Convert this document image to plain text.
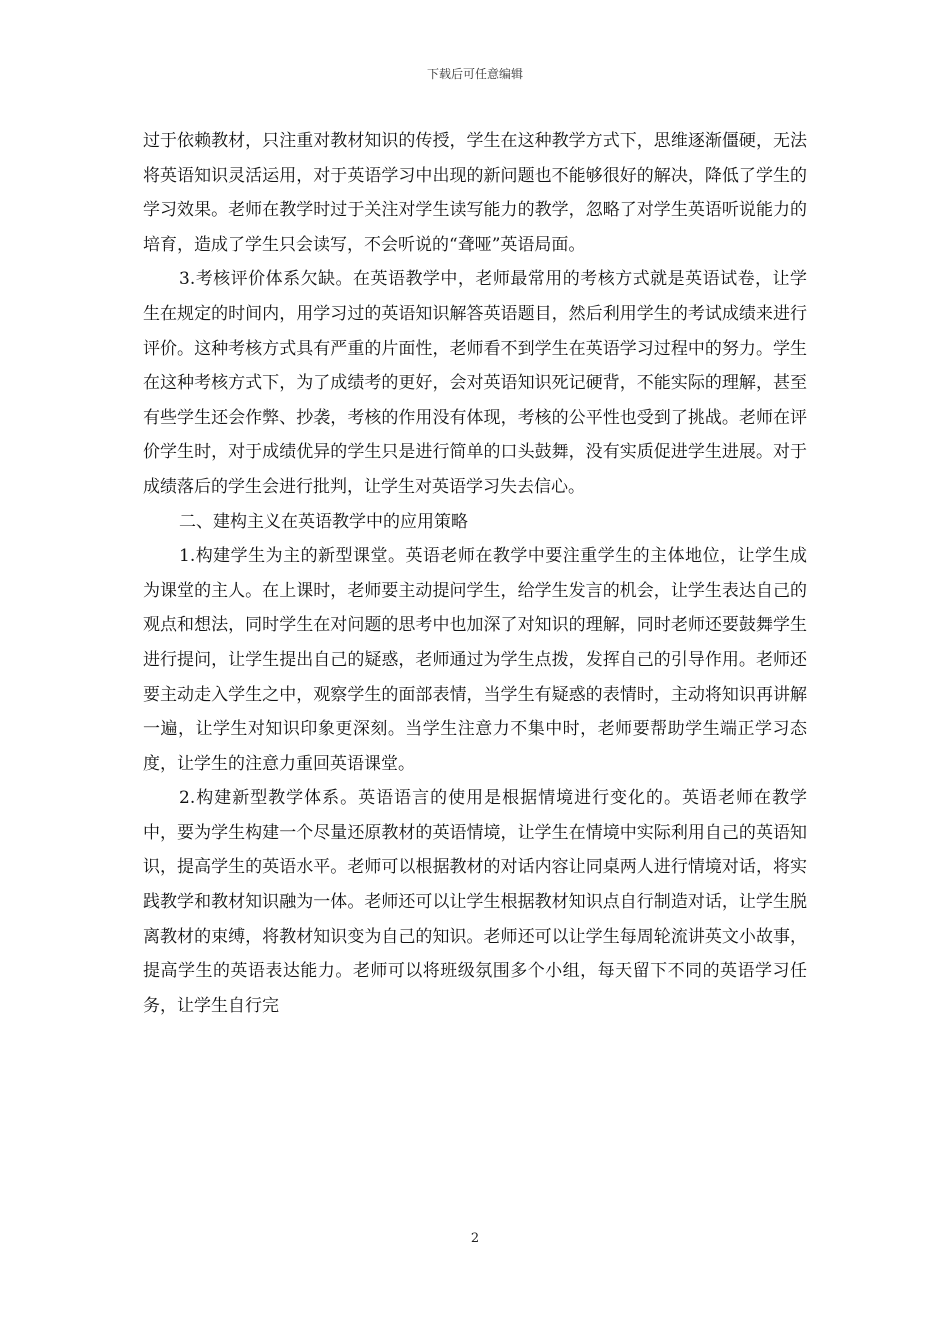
下载后可任意编辑

过于依赖教材，只注重对教材知识的传授，学生在这种教学方式下，思维逐渐僵硬，无法将英语知识灵活运用，对于英语学习中出现的新问题也不能够很好的解决，降低了学生的学习效果。老师在教学时过于关注对学生读写能力的教学，忽略了对学生英语听说能力的培育，造成了学生只会读写，不会听说的“聋哑”英语局面。

3.考核评价体系欠缺。在英语教学中，老师最常用的考核方式就是英语试卷，让学生在规定的时间内，用学习过的英语知识解答英语题目，然后利用学生的考试成绩来进行评价。这种考核方式具有严重的片面性，老师看不到学生在英语学习过程中的努力。学生在这种考核方式下，为了成绩考的更好，会对英语知识死记硬背，不能实际的理解，甚至有些学生还会作弊、抄袭，考核的作用没有体现，考核的公平性也受到了挑战。老师在评价学生时，对于成绩优异的学生只是进行简单的口头鼓舞，没有实质促进学生进展。对于成绩落后的学生会进行批判，让学生对英语学习失去信心。

二、建构主义在英语教学中的应用策略

1.构建学生为主的新型课堂。英语老师在教学中要注重学生的主体地位，让学生成为课堂的主人。在上课时，老师要主动提问学生，给学生发言的机会，让学生表达自己的观点和想法，同时学生在对问题的思考中也加深了对知识的理解，同时老师还要鼓舞学生进行提问，让学生提出自己的疑惑，老师通过为学生点拨，发挥自己的引导作用。老师还要主动走入学生之中，观察学生的面部表情，当学生有疑惑的表情时，主动将知识再讲解一遍，让学生对知识印象更深刻。当学生注意力不集中时，老师要帮助学生端正学习态度，让学生的注意力重回英语课堂。

2.构建新型教学体系。英语语言的使用是根据情境进行变化的。英语老师在教学中，要为学生构建一个尽量还原教材的英语情境，让学生在情境中实际利用自己的英语知识，提高学生的英语水平。老师可以根据教材的对话内容让同桌两人进行情境对话，将实践教学和教材知识融为一体。老师还可以让学生根据教材知识点自行制造对话，让学生脱离教材的束缚，将教材知识变为自己的知识。老师还可以让学生每周轮流讲英文小故事，提高学生的英语表达能力。老师可以将班级氛围多个小组，每天留下不同的英语学习任务，让学生自行完

2
